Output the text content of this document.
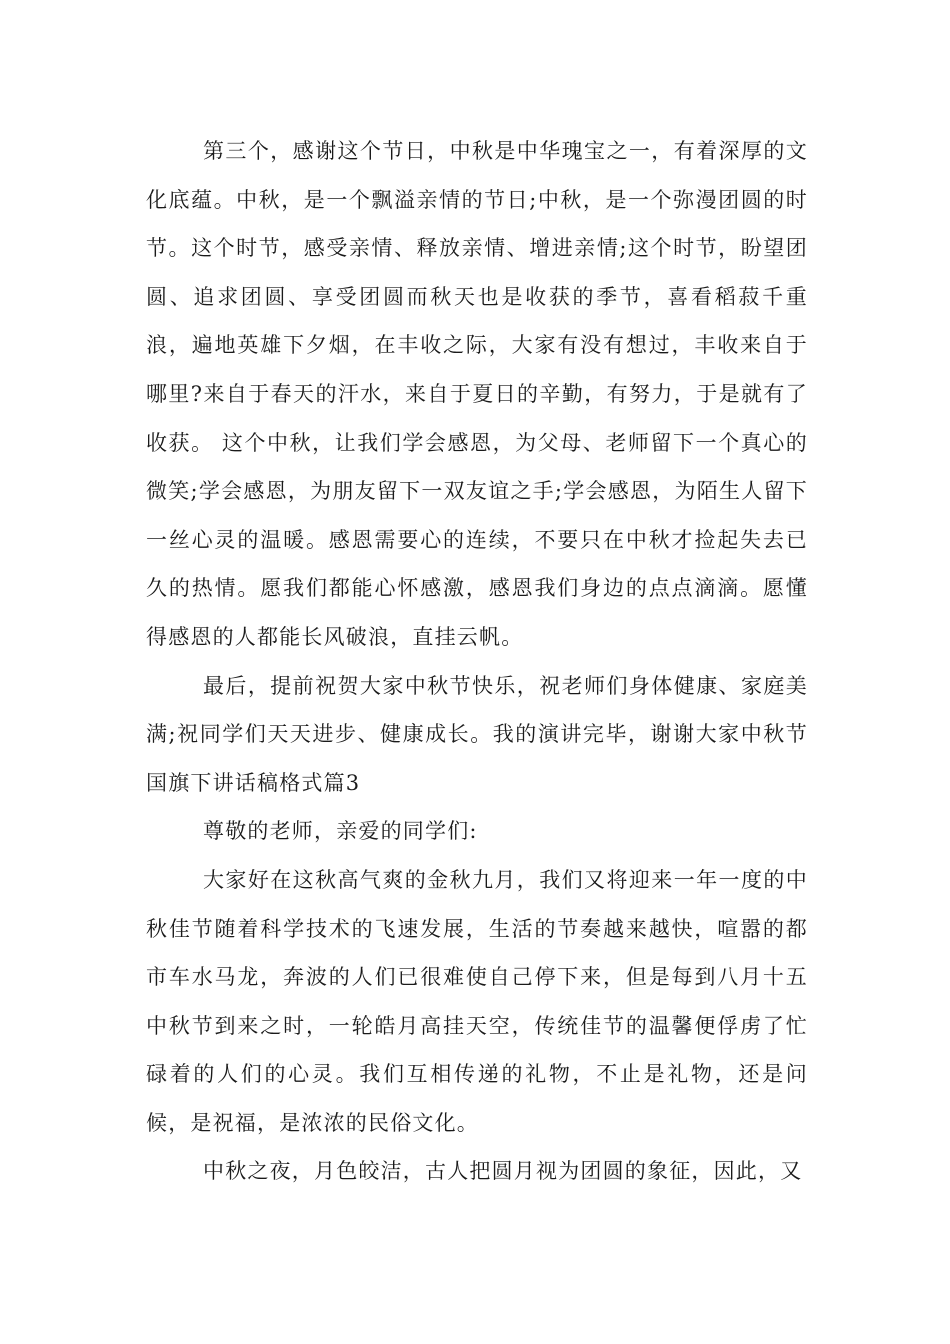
第三个，感谢这个节日，中秋是中华瑰宝之一，有着深厚的文化底蕴。中秋，是一个飘溢亲情的节日;中秋，是一个弥漫团圆的时节。这个时节，感受亲情、释放亲情、增进亲情;这个时节，盼望团圆、追求团圆、享受团圆而秋天也是收获的季节，喜看稻菽千重浪，遍地英雄下夕烟，在丰收之际，大家有没有想过，丰收来自于哪里?来自于春天的汗水，来自于夏日的辛勤，有努力，于是就有了收获。 这个中秋，让我们学会感恩，为父母、老师留下一个真心的微笑;学会感恩，为朋友留下一双友谊之手;学会感恩，为陌生人留下一丝心灵的温暖。感恩需要心的连续，不要只在中秋才捡起失去已久的热情。愿我们都能心怀感激，感恩我们身边的点点滴滴。愿懂得感恩的人都能长风破浪，直挂云帆。

最后，提前祝贺大家中秋节快乐，祝老师们身体健康、家庭美满;祝同学们天天进步、健康成长。我的演讲完毕，谢谢大家中秋节国旗下讲话稿格式篇3

尊敬的老师，亲爱的同学们:

大家好在这秋高气爽的金秋九月，我们又将迎来一年一度的中秋佳节随着科学技术的飞速发展，生活的节奏越来越快，喧嚣的都市车水马龙，奔波的人们已很难使自己停下来，但是每到八月十五中秋节到来之时，一轮皓月高挂天空，传统佳节的温馨便俘虏了忙碌着的人们的心灵。我们互相传递的礼物，不止是礼物，还是问候，是祝福，是浓浓的民俗文化。

中秋之夜，月色皎洁，古人把圆月视为团圆的象征，因此，又
